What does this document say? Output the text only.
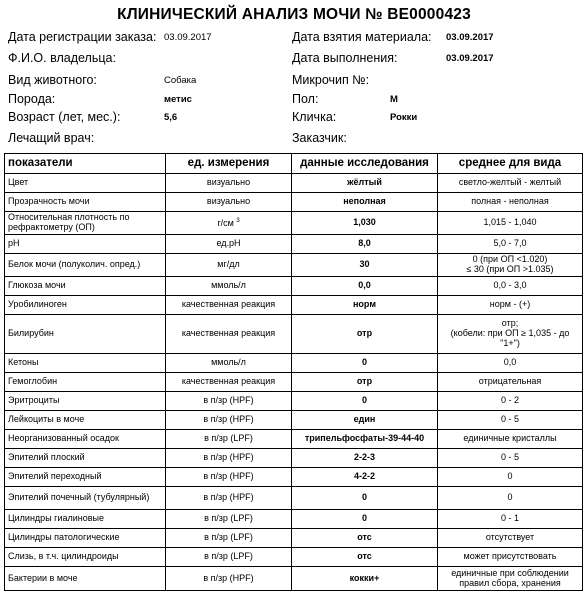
КЛИНИЧЕСКИЙ АНАЛИЗ МОЧИ № BE0000423
Дата регистрации заказа: 03.09.2017
Ф.И.О. владельца:
Вид животного:	Собака
Порода:	метис
Возраст (лет, мес.):	5,6
Лечащий врач:
Дата взятия материала: 03.09.2017
Дата выполнения:	03.09.2017
Микрочип №:
Пол:	М
Кличка:	Рокки
Заказчик:
показатели	ед. измерения	данные исследования	среднее для вида
Цвет	визуально	жёлтый	светло-желтый - желтый
Прозрачность мочи	визуально	неполная	полная - неполная
Относительная плотность по рефрактометру (ОП)	г/см $^3$	1,030	1,015 - 1,040
pH	ед.pH	8,0	5,0 - 7,0
Белок мочи (полуколич. опред.)	мг/дл	30	0 (при ОП <1.020)
≤ 30 (при ОП >1.035)

Глюкоза мочи	ммоль/л	0,0	0,0 - 3,0
Уробилиноген	качественная реакция	норм	норм - (+)
Билирубин	качественная реакция	отр	отр;
(кобели: при ОП ≥ 1,035 - до
"1+")

Кетоны	ммоль/л	0	0,0
Гемоглобин	качественная реакция	отр	отрицательная
Эритроциты	в п/зр (HPF)	0	0 - 2
Лейкоциты в моче	в п/зр (HPF)	един	0 - 5
Неорганизованный осадок	в п/зр (LPF)	трипельфосфаты-39-44-40	единичные кристаллы
Эпителий плоский	в п/зр (HPF)	2-2-3	0 - 5
Эпителий переходный	в п/зр (HPF)	4-2-2	0
Эпителий почечный (тубулярный)	в п/зр (HPF)	0	0
Цилиндры гиалиновые	в п/зр (LPF)	0	0 - 1
Цилиндры патологические	в п/зр (LPF)	отс	отсутствует
Слизь, в т.ч. цилиндроиды	в п/зр (LPF)	отс	может присутствовать
Бактерии в моче	в п/зр (HPF)	кокки+	единичные при соблюдении
правил сбора, хранения
